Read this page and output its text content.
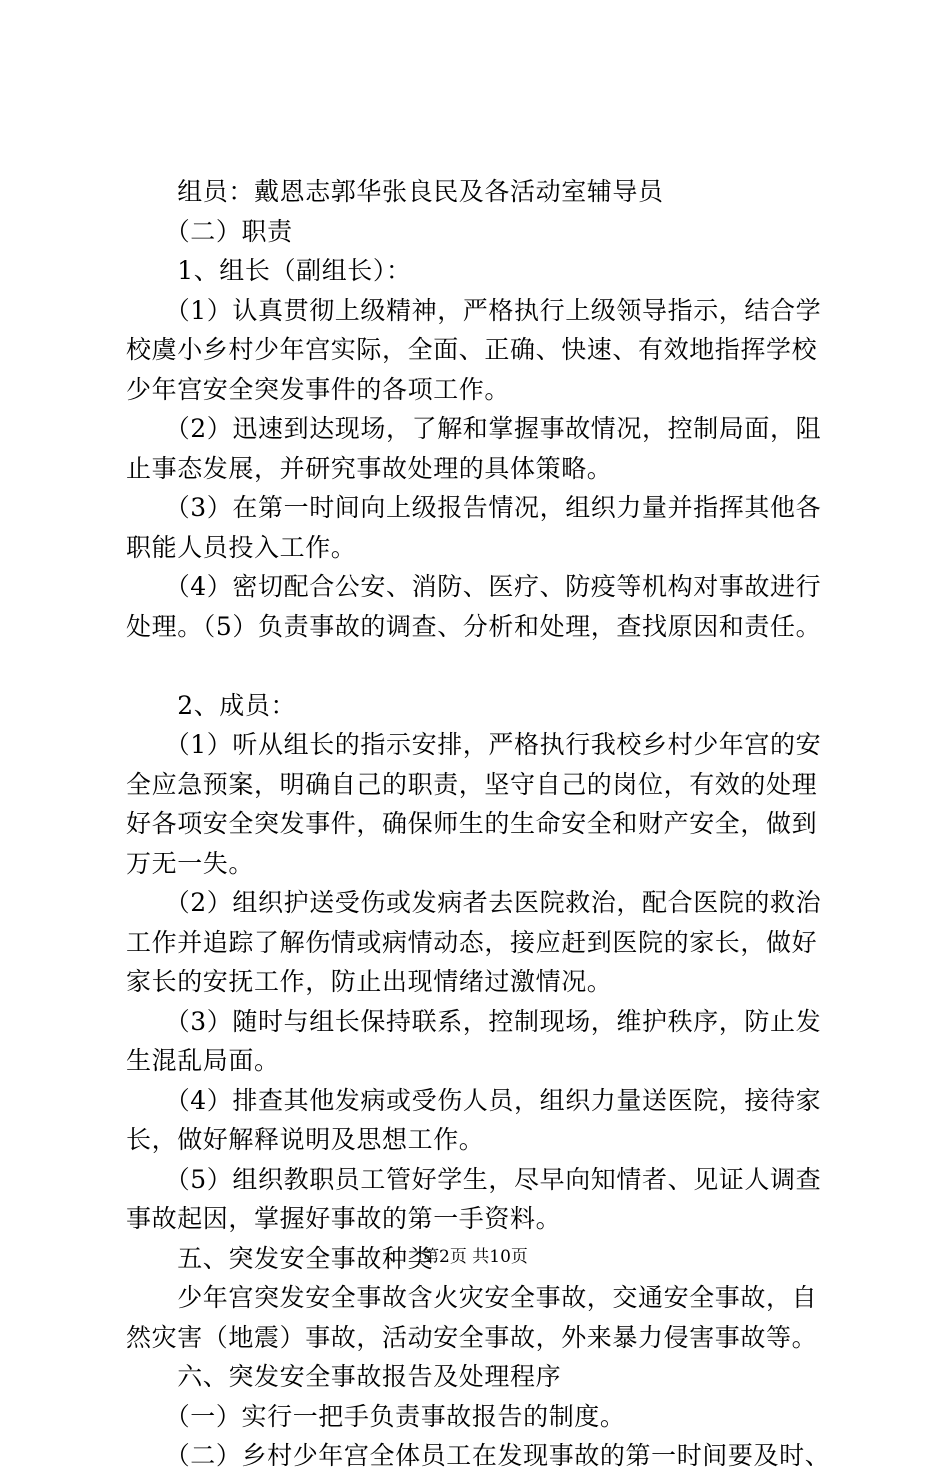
　　组员：戴恩志郭华张良民及各活动室辅导员
　　（二）职责
　　1、组长（副组长）：
　　（1）认真贯彻上级精神，严格执行上级领导指示，结合学
校虞小乡村少年宫实际，全面、正确、快速、有效地指挥学校
少年宫安全突发事件的各项工作。
　　（2）迅速到达现场，了解和掌握事故情况，控制局面，阻
止事态发展，并研究事故处理的具体策略。
　　（3）在第一时间向上级报告情况，组织力量并指挥其他各
职能人员投入工作。
　　（4）密切配合公安、消防、医疗、防疫等机构对事故进行
处理。（5）负责事故的调查、分析和处理，查找原因和责任。
　　2、成员：
　　（1）听从组长的指示安排，严格执行我校乡村少年宫的安
全应急预案，明确自己的职责，坚守自己的岗位，有效的处理
好各项安全突发事件，确保师生的生命安全和财产安全，做到
万无一失。
　　（2）组织护送受伤或发病者去医院救治，配合医院的救治
工作并追踪了解伤情或病情动态，接应赶到医院的家长，做好
家长的安抚工作，防止出现情绪过激情况。
　　（3）随时与组长保持联系，控制现场，维护秩序，防止发
生混乱局面。
　　（4）排查其他发病或受伤人员，组织力量送医院，接待家
长，做好解释说明及思想工作。
　　（5）组织教职员工管好学生，尽早向知情者、见证人调查
事故起因，掌握好事故的第一手资料。
　　五、突发安全事故种类
　　少年宫突发安全事故含火灾安全事故，交通安全事故，自
然灾害（地震）事故，活动安全事故，外来暴力侵害事故等。
　　六、突发安全事故报告及处理程序
　　（一）实行一把手负责事故报告的制度。
　　（二）乡村少年宫全体员工在发现事故的第一时间要及时、
第2页 共10页
